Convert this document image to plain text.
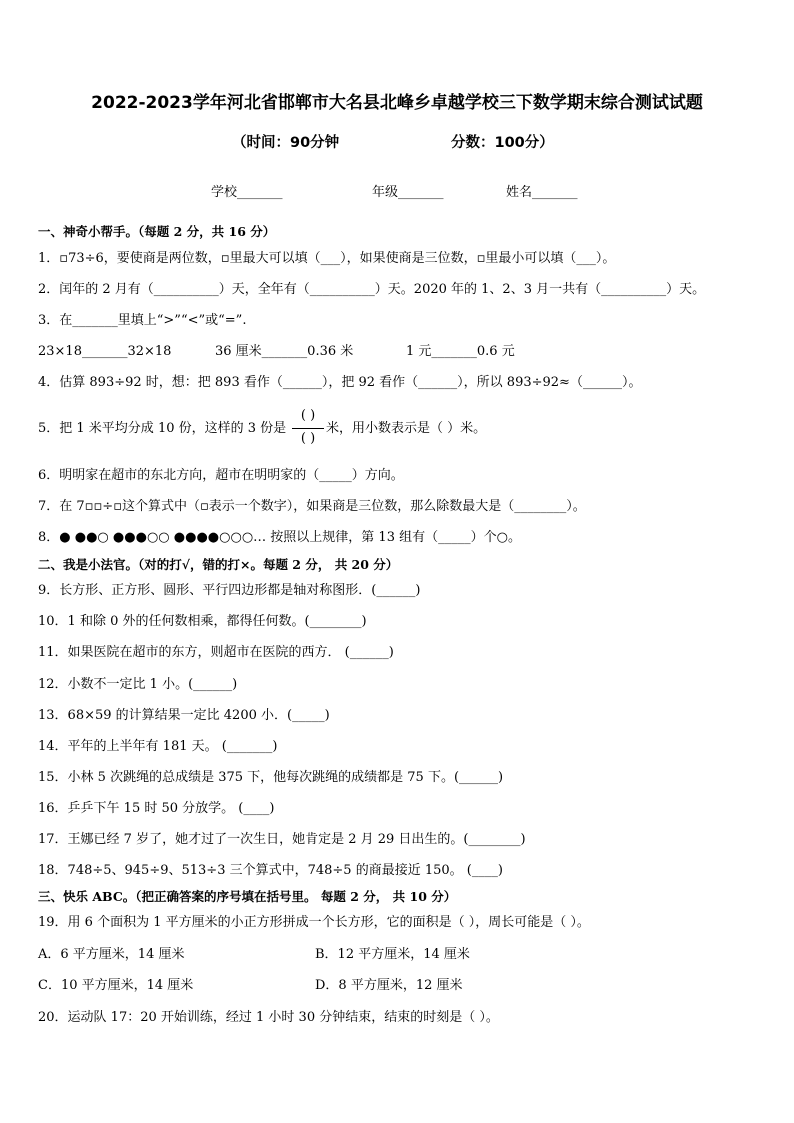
2022-2023学年河北省邯郸市大名县北峰乡卓越学校三下数学期末综合测试试题
（时间：90分钟	分数：100分）
学校_______	年级_______	姓名_______
一、神奇小帮手。（每题 2 分，共 16 分）
1．▫73÷6，要使商是两位数，▫里最大可以填（___），如果使商是三位数，▫里最小可以填（___）。
2．闰年的 2 月有（__________）天，全年有（__________）天。2020 年的 1、2、3 月一共有（__________）天。
3．在_______里填上“>”“<”或“=”.
23×18_______32×18	36 厘米_______0.36 米	1 元_______0.6 元
4．估算 893÷92 时，想：把 893 看作（______），把 92 看作（______），所以 893÷92≈（______）。
5．把 1 米平均分成 10 份，这样的 3 份是
( )
( )
米，用小数表示是（ ）米。
6．明明家在超市的东北方向，超市在明明家的（_____）方向。
7．在 7▫▫÷▫这个算式中（▫表示一个数字），如果商是三位数，那么除数最大是（________）。
8．● ●●○ ●●●○○ ●●●●○○○… 按照以上规律，第 13 组有（_____）个○。
二、我是小法官。（对的打√，错的打×。每题 2 分， 共 20 分）
9．长方形、正方形、圆形、平行四边形都是轴对称图形．(______)
10．1 和除 0 外的任何数相乘，都得任何数。(________)
11．如果医院在超市的东方，则超市在医院的西方． (______)
12．小数不一定比 1 小。(______)
13．68×59 的计算结果一定比 4200 小．(_____)
14．平年的上半年有 181 天。 (_______)
15．小林 5 次跳绳的总成绩是 375 下，他每次跳绳的成绩都是 75 下。(______)
16．乒乒下午 15 时 50 分放学。 (____)
17．王娜已经 7 岁了，她才过了一次生日，她肯定是 2 月 29 日出生的。(________)
18．748÷5、945÷9、513÷3 三个算式中，748÷5 的商最接近 150。 (____)
三、快乐 ABC。（把正确答案的序号填在括号里。 每题 2 分， 共 10 分）
19．用 6 个面积为 1 平方厘米的小正方形拼成一个长方形，它的面积是（ ），周长可能是（ ）。
A．6 平方厘米，14 厘米	B．12 平方厘米，14 厘米
C．10 平方厘米，14 厘米	D．8 平方厘米，12 厘米
20．运动队 17：20 开始训练，经过 1 小时 30 分钟结束，结束的时刻是（ ）。
